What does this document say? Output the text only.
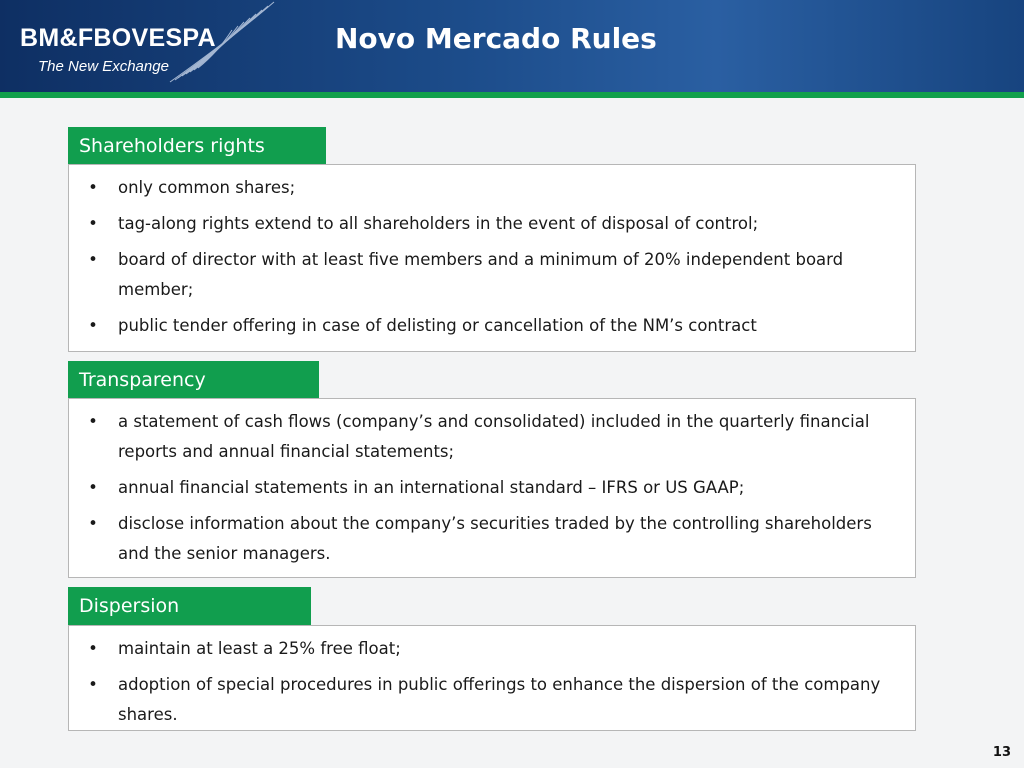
BM&FBOVESPA
The New Exchange
Novo Mercado Rules
Shareholders rights
•	only common shares;
•	tag-along rights extend to all shareholders in the event of disposal of control;
•	board of director with at least five members and a minimum of 20% independent board member;
•	public tender offering in case of delisting or cancellation of the NM’s contract
Transparency
•	a statement of cash flows (company’s and consolidated) included in the quarterly financial reports and annual financial statements;
•	annual financial statements in an international standard – IFRS or US GAAP;
•	disclose information about the company’s securities traded by the controlling shareholders and the senior managers.
Dispersion
•	maintain at least a 25% free float;
•	adoption of special procedures in public offerings to enhance the dispersion of the company shares.
13
